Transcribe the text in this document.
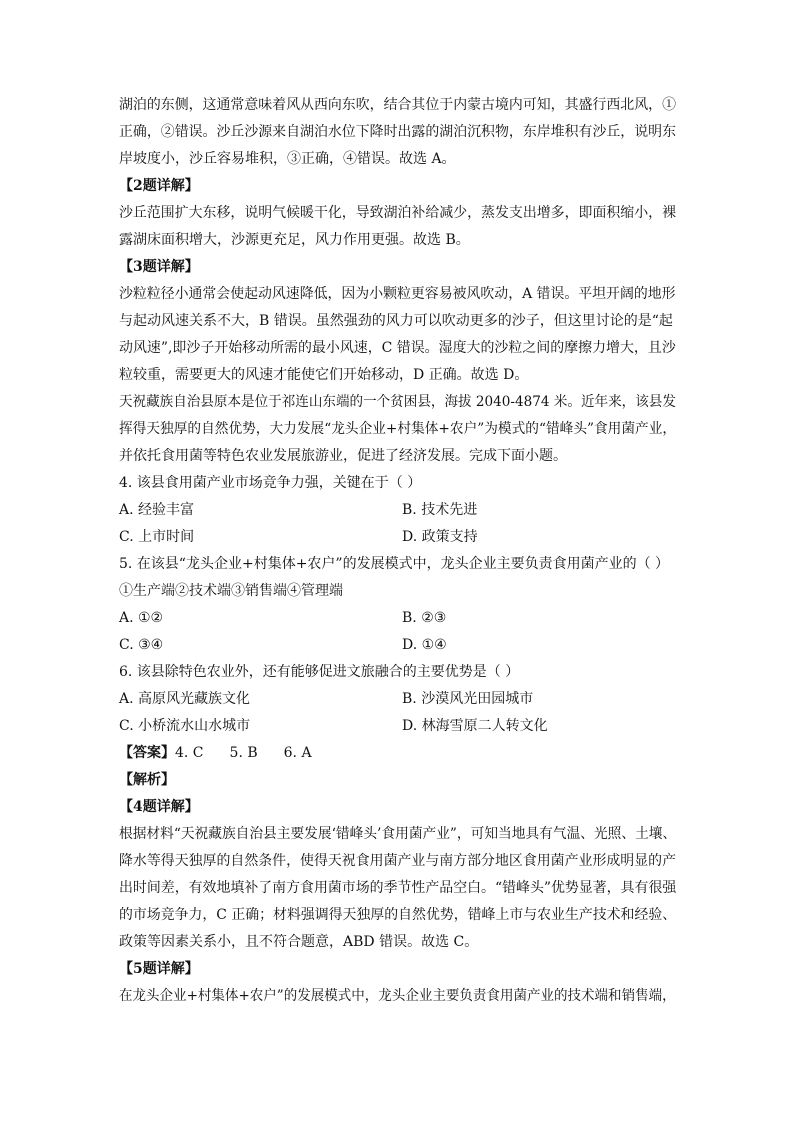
湖泊的东侧，这通常意味着风从西向东吹，结合其位于内蒙古境内可知，其盛行西北风，①
正确，②错误。沙丘沙源来自湖泊水位下降时出露的湖泊沉积物，东岸堆积有沙丘，说明东
岸坡度小，沙丘容易堆积，③正确，④错误。故选 A。
【2题详解】
沙丘范围扩大东移，说明气候暖干化，导致湖泊补给减少，蒸发支出增多，即面积缩小，裸
露湖床面积增大，沙源更充足，风力作用更强。故选 B。
【3题详解】
沙粒粒径小通常会使起动风速降低，因为小颗粒更容易被风吹动，A 错误。平坦开阔的地形
与起动风速关系不大，B 错误。虽然强劲的风力可以吹动更多的沙子，但这里讨论的是“起
动风速”,即沙子开始移动所需的最小风速，C 错误。湿度大的沙粒之间的摩擦力增大，且沙
粒较重，需要更大的风速才能使它们开始移动，D 正确。故选 D。
天祝藏族自治县原本是位于祁连山东端的一个贫困县，海拔 2040-4874 米。近年来，该县发
挥得天独厚的自然优势，大力发展“龙头企业+村集体+农户”为模式的“错峰头”食用菌产业，
并依托食用菌等特色农业发展旅游业，促进了经济发展。完成下面小题。
4. 该县食用菌产业市场竞争力强，关键在于（ ）
A. 经验丰富	B. 技术先进
C. 上市时间	D. 政策支持
5. 在该县“龙头企业+村集体+农户”的发展模式中，龙头企业主要负责食用菌产业的（ ）
①生产端②技术端③销售端④管理端
A. ①②	B. ②③
C. ③④	D. ①④
6. 该县除特色农业外，还有能够促进文旅融合的主要优势是（ ）
A. 高原风光藏族文化	B. 沙漠风光田园城市
C. 小桥流水山水城市	D. 林海雪原二人转文化
【答案】4. C 5. B 6. A
【解析】
【4题详解】
根据材料“天祝藏族自治县主要发展‘错峰头’食用菌产业”，可知当地具有气温、光照、土壤、
降水等得天独厚的自然条件，使得天祝食用菌产业与南方部分地区食用菌产业形成明显的产
出时间差，有效地填补了南方食用菌市场的季节性产品空白。“错峰头”优势显著，具有很强
的市场竞争力，C 正确；材料强调得天独厚的自然优势，错峰上市与农业生产技术和经验、
政策等因素关系小，且不符合题意，ABD 错误。故选 C。
【5题详解】
在龙头企业+村集体+农户”的发展模式中，龙头企业主要负责食用菌产业的技术端和销售端，
